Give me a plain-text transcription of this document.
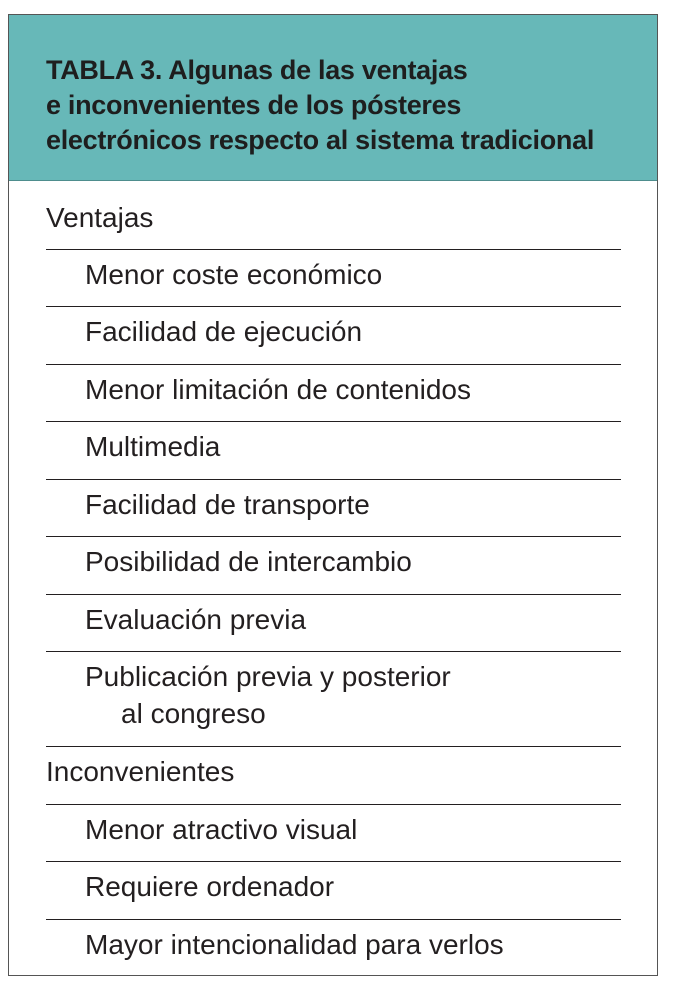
TABLA 3. Algunas de las ventajas
e inconvenientes de los pósteres
electrónicos respecto al sistema tradicional
Ventajas
Menor coste económico
Facilidad de ejecución
Menor limitación de contenidos
Multimedia
Facilidad de transporte
Posibilidad de intercambio
Evaluación previa
Publicación previa y posterior
al congreso
Inconvenientes
Menor atractivo visual
Requiere ordenador
Mayor intencionalidad para verlos
